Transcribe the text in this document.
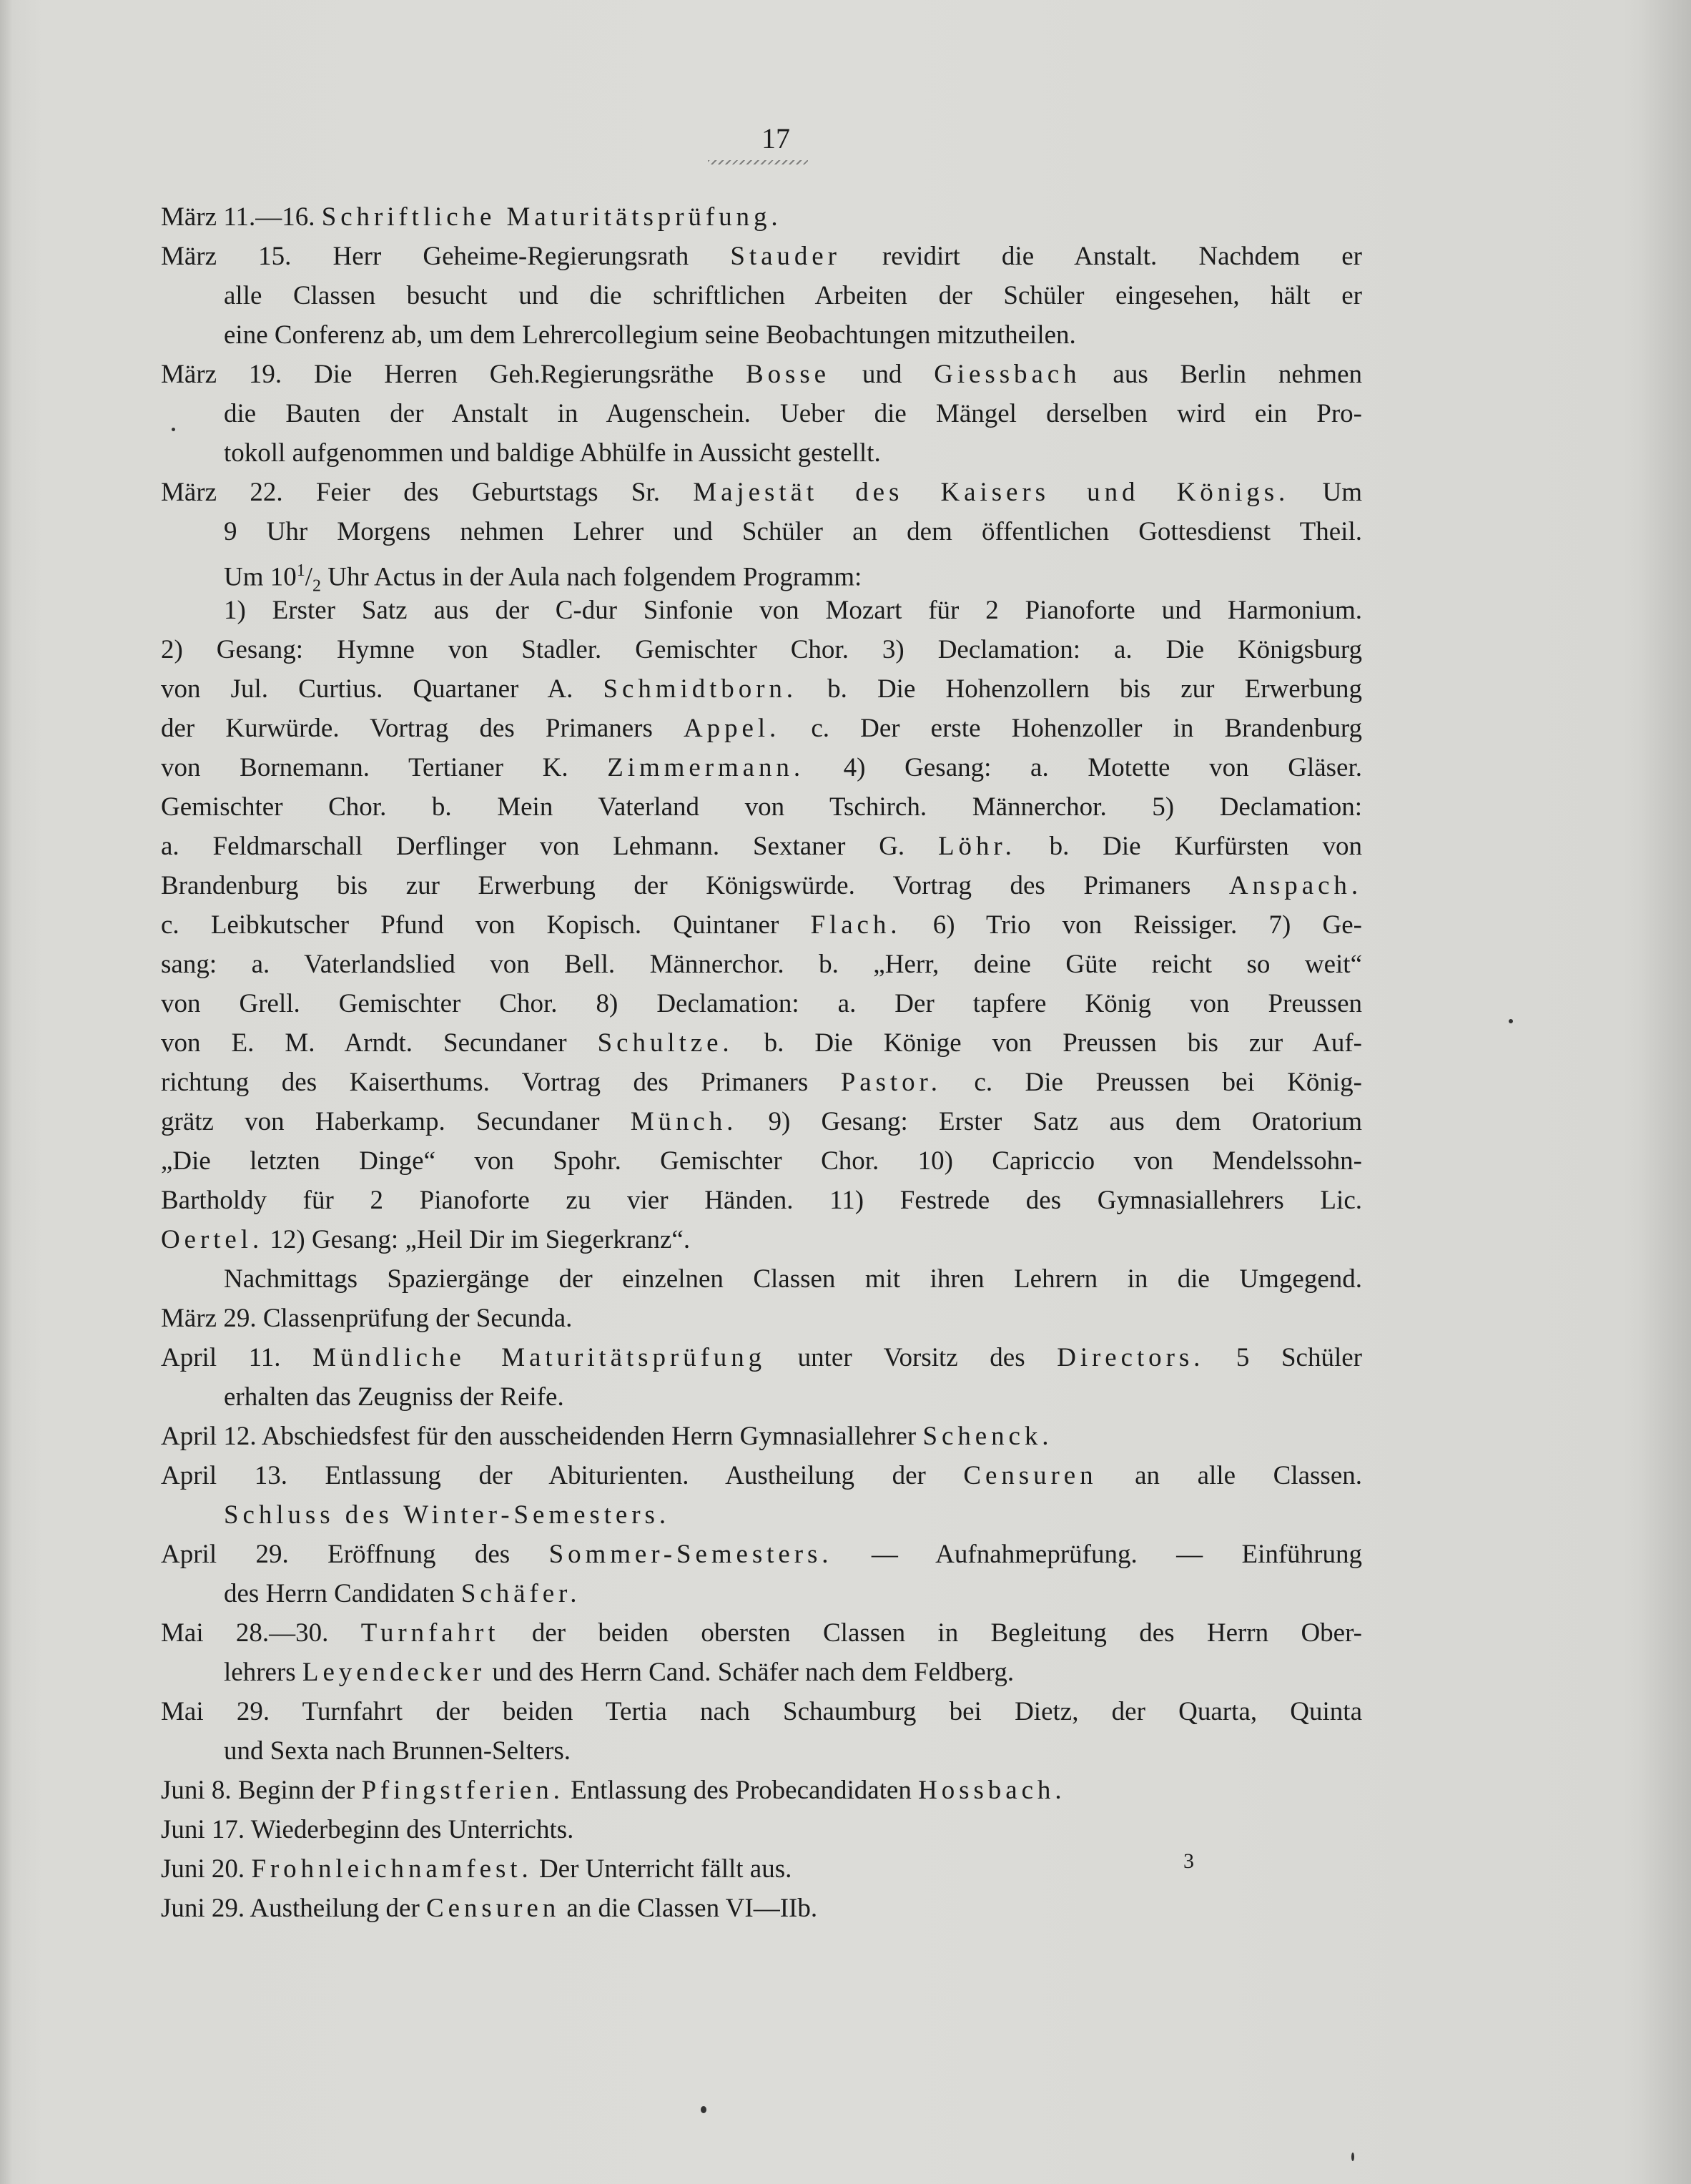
17
März 11.—16. Schriftliche Maturitätsprüfung.
März 15. Herr Geheime-Regierungsrath Stauder revidirt die Anstalt. Nachdem er
alle Classen besucht und die schriftlichen Arbeiten der Schüler eingesehen, hält er
eine Conferenz ab, um dem Lehrercollegium seine Beobachtungen mitzutheilen.
März 19. Die Herren Geh.Regierungsräthe Bosse und Giessbach aus Berlin nehmen
die Bauten der Anstalt in Augenschein. Ueber die Mängel derselben wird ein Pro-
tokoll aufgenommen und baldige Abhülfe in Aussicht gestellt.
März 22. Feier des Geburtstags Sr. Majestät des Kaisers und Königs. Um
9 Uhr Morgens nehmen Lehrer und Schüler an dem öffentlichen Gottesdienst Theil.
Um $10^1/_2$ Uhr Actus in der Aula nach folgendem Programm:
1) Erster Satz aus der C-dur Sinfonie von Mozart für 2 Pianoforte und Harmonium.
2) Gesang: Hymne von Stadler. Gemischter Chor. 3) Declamation: a. Die Königsburg
von Jul. Curtius. Quartaner A. Schmidtborn. b. Die Hohenzollern bis zur Erwerbung
der Kurwürde. Vortrag des Primaners Appel. c. Der erste Hohenzoller in Brandenburg
von Bornemann. Tertianer K. Zimmermann. 4) Gesang: a. Motette von Gläser.
Gemischter Chor. b. Mein Vaterland von Tschirch. Männerchor. 5) Declamation:
a. Feldmarschall Derflinger von Lehmann. Sextaner G. Löhr. b. Die Kurfürsten von
Brandenburg bis zur Erwerbung der Königswürde. Vortrag des Primaners Anspach.
c. Leibkutscher Pfund von Kopisch. Quintaner Flach. 6) Trio von Reissiger. 7) Ge-
sang: a. Vaterlandslied von Bell. Männerchor. b. „Herr, deine Güte reicht so weit“
von Grell. Gemischter Chor. 8) Declamation: a. Der tapfere König von Preussen
von E. M. Arndt. Secundaner Schultze. b. Die Könige von Preussen bis zur Auf-
richtung des Kaiserthums. Vortrag des Primaners Pastor. c. Die Preussen bei König-
grätz von Haberkamp. Secundaner Münch. 9) Gesang: Erster Satz aus dem Oratorium
„Die letzten Dinge“ von Spohr. Gemischter Chor. 10) Capriccio von Mendelssohn-
Bartholdy für 2 Pianoforte zu vier Händen. 11) Festrede des Gymnasiallehrers Lic.
Oertel. 12) Gesang: „Heil Dir im Siegerkranz“.
Nachmittags Spaziergänge der einzelnen Classen mit ihren Lehrern in die Umgegend.
März 29. Classenprüfung der Secunda.
April 11. Mündliche Maturitätsprüfung unter Vorsitz des Directors. 5 Schüler
erhalten das Zeugniss der Reife.
April 12. Abschiedsfest für den ausscheidenden Herrn Gymnasiallehrer Schenck.
April 13. Entlassung der Abiturienten. Austheilung der Censuren an alle Classen.
Schluss des Winter-Semesters.
April 29. Eröffnung des Sommer-Semesters. — Aufnahmeprüfung. — Einführung
des Herrn Candidaten Schäfer.
Mai 28.—30. Turnfahrt der beiden obersten Classen in Begleitung des Herrn Ober-
lehrers Leyendecker und des Herrn Cand. Schäfer nach dem Feldberg.
Mai 29. Turnfahrt der beiden Tertia nach Schaumburg bei Dietz, der Quarta, Quinta
und Sexta nach Brunnen-Selters.
Juni 8. Beginn der Pfingstferien. Entlassung des Probecandidaten Hossbach.
Juni 17. Wiederbeginn des Unterrichts.
Juni 20. Frohnleichnamfest. Der Unterricht fällt aus.
Juni 29. Austheilung der Censuren an die Classen VI—IIb.
3
